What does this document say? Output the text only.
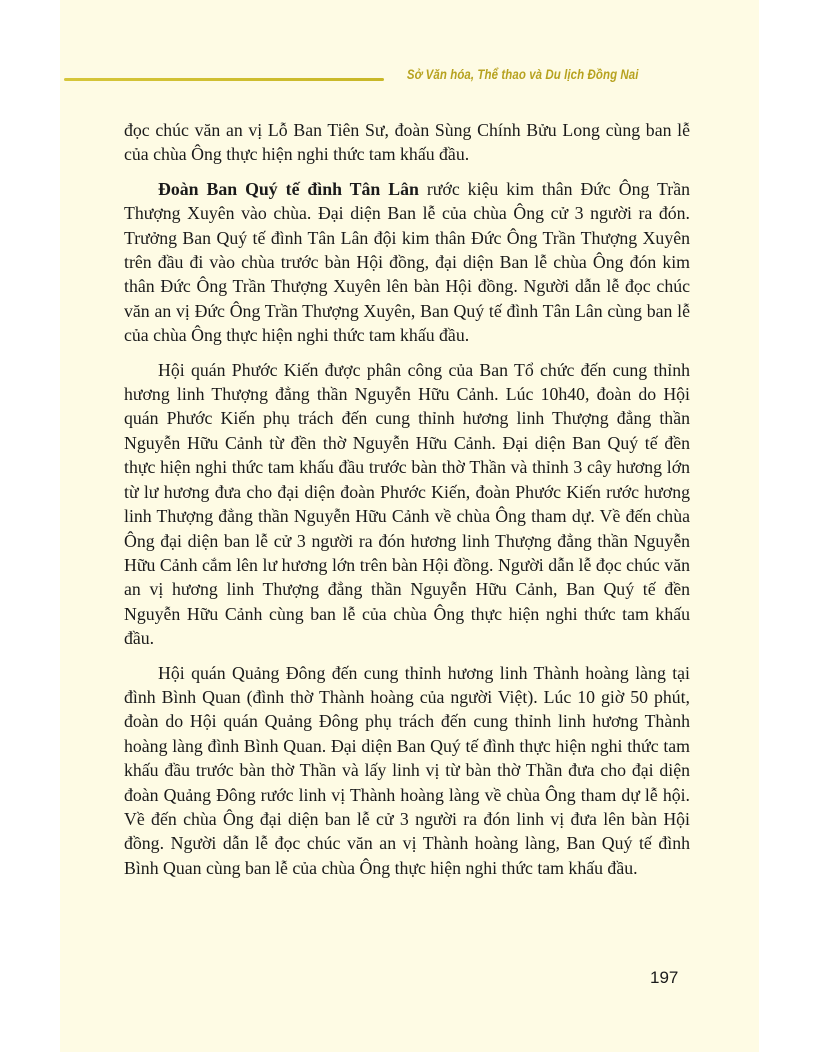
Sở Văn hóa, Thể thao và Du lịch Đồng Nai

đọc chúc văn an vị Lỗ Ban Tiên Sư, đoàn Sùng Chính Bửu Long cùng ban lễ của chùa Ông thực hiện nghi thức tam khấu đầu.

Đoàn Ban Quý tế đình Tân Lân rước kiệu kim thân Đức Ông Trần Thượng Xuyên vào chùa. Đại diện Ban lễ của chùa Ông cử 3 người ra đón. Trưởng Ban Quý tế đình Tân Lân đội kim thân Đức Ông Trần Thượng Xuyên trên đầu đi vào chùa trước bàn Hội đồng, đại diện Ban lễ chùa Ông đón kim thân Đức Ông Trần Thượng Xuyên lên bàn Hội đồng. Người dẫn lễ đọc chúc văn an vị Đức Ông Trần Thượng Xuyên, Ban Quý tế đình Tân Lân cùng ban lễ của chùa Ông thực hiện nghi thức tam khấu đầu.

Hội quán Phước Kiến được phân công của Ban Tổ chức đến cung thỉnh hương linh Thượng đẳng thần Nguyễn Hữu Cảnh. Lúc 10h40, đoàn do Hội quán Phước Kiến phụ trách đến cung thỉnh hương linh Thượng đẳng thần Nguyễn Hữu Cảnh từ đền thờ Nguyễn Hữu Cảnh. Đại diện Ban Quý tế đền thực hiện nghi thức tam khấu đầu trước bàn thờ Thần và thỉnh 3 cây hương lớn từ lư hương đưa cho đại diện đoàn Phước Kiến, đoàn Phước Kiến rước hương linh Thượng đẳng thần Nguyễn Hữu Cảnh về chùa Ông tham dự. Về đến chùa Ông đại diện ban lễ cử 3 người ra đón hương linh Thượng đẳng thần Nguyễn Hữu Cảnh cắm lên lư hương lớn trên bàn Hội đồng. Người dẫn lễ đọc chúc văn an vị hương linh Thượng đẳng thần Nguyễn Hữu Cảnh, Ban Quý tế đền Nguyễn Hữu Cảnh cùng ban lễ của chùa Ông thực hiện nghi thức tam khấu đầu.

Hội quán Quảng Đông đến cung thỉnh hương linh Thành hoàng làng tại đình Bình Quan (đình thờ Thành hoàng của người Việt). Lúc 10 giờ 50 phút, đoàn do Hội quán Quảng Đông phụ trách đến cung thỉnh linh hương Thành hoàng làng đình Bình Quan. Đại diện Ban Quý tế đình thực hiện nghi thức tam khấu đầu trước bàn thờ Thần và lấy linh vị từ bàn thờ Thần đưa cho đại diện đoàn Quảng Đông rước linh vị Thành hoàng làng về chùa Ông tham dự lễ hội. Về đến chùa Ông đại diện ban lễ cử 3 người ra đón linh vị đưa lên bàn Hội đồng. Người dẫn lễ đọc chúc văn an vị Thành hoàng làng, Ban Quý tế đình Bình Quan cùng ban lễ của chùa Ông thực hiện nghi thức tam khấu đầu.

197
